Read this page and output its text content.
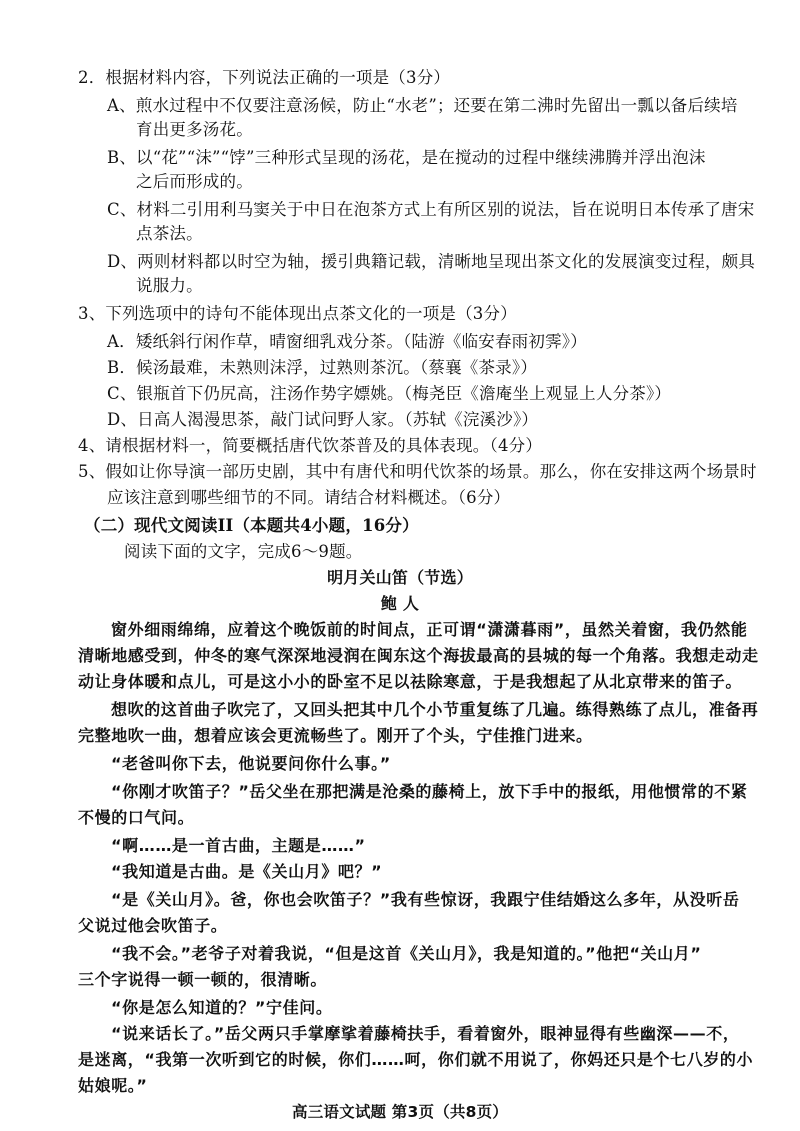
2．根据材料内容，下列说法正确的一项是（3分）
A、煎水过程中不仅要注意汤候，防止“水老”；还要在第二沸时先留出一瓢以备后续培
育出更多汤花。
B、以“花”“沫”“饽”三种形式呈现的汤花，是在搅动的过程中继续沸腾并浮出泡沫
之后而形成的。
C、材料二引用利马窦关于中日在泡茶方式上有所区别的说法，旨在说明日本传承了唐宋
点茶法。
D、两则材料都以时空为轴，援引典籍记载，清晰地呈现出茶文化的发展演变过程，颇具
说服力。
3、下列选项中的诗句不能体现出点茶文化的一项是（3分）
A．矮纸斜行闲作草，晴窗细乳戏分茶。（陆游《临安春雨初霁》）
B．候汤最难，未熟则沫浮，过熟则茶沉。（蔡襄《茶录》）
C、银瓶首下仍尻高，注汤作势字嫖姚。（梅尧臣《澹庵坐上观显上人分茶》）
D、日高人渴漫思茶，敲门试问野人家。（苏轼《浣溪沙》）
4、请根据材料一，简要概括唐代饮茶普及的具体表现。（4分）
5、假如让你导演一部历史剧，其中有唐代和明代饮茶的场景。那么，你在安排这两个场景时
应该注意到哪些细节的不同。请结合材料概述。（6分）
（二）现代文阅读II（本题共4小题，16分）
阅读下面的文字，完成6～9题。
明月关山笛（节选）
鲍 人
窗外细雨绵绵，应着这个晚饭前的时间点，正可谓“潇潇暮雨”，虽然关着窗，我仍然能
清晰地感受到，仲冬的寒气深深地浸润在闽东这个海拔最高的县城的每一个角落。我想走动走
动让身体暖和点儿，可是这小小的卧室不足以祛除寒意，于是我想起了从北京带来的笛子。
想吹的这首曲子吹完了，又回头把其中几个小节重复练了几遍。练得熟练了点儿，准备再
完整地吹一曲，想着应该会更流畅些了。刚开了个头，宁佳推门进来。
“老爸叫你下去，他说要问你什么事。”
“你刚才吹笛子？”岳父坐在那把满是沧桑的藤椅上，放下手中的报纸，用他惯常的不紧
不慢的口气问。
“啊……是一首古曲，主题是……”
“我知道是古曲。是《关山月》吧？”
“是《关山月》。爸，你也会吹笛子？”我有些惊讶，我跟宁佳结婚这么多年，从没听岳
父说过他会吹笛子。
“我不会。”老爷子对着我说，“但是这首《关山月》，我是知道的。”他把“关山月”
三个字说得一顿一顿的，很清晰。
“你是怎么知道的？”宁佳问。
“说来话长了。”岳父两只手掌摩挲着藤椅扶手，看着窗外，眼神显得有些幽深——不，
是迷离，“我第一次听到它的时候，你们……呵，你们就不用说了，你妈还只是个七八岁的小
姑娘呢。”
高三语文试题 第3页（共8页）
